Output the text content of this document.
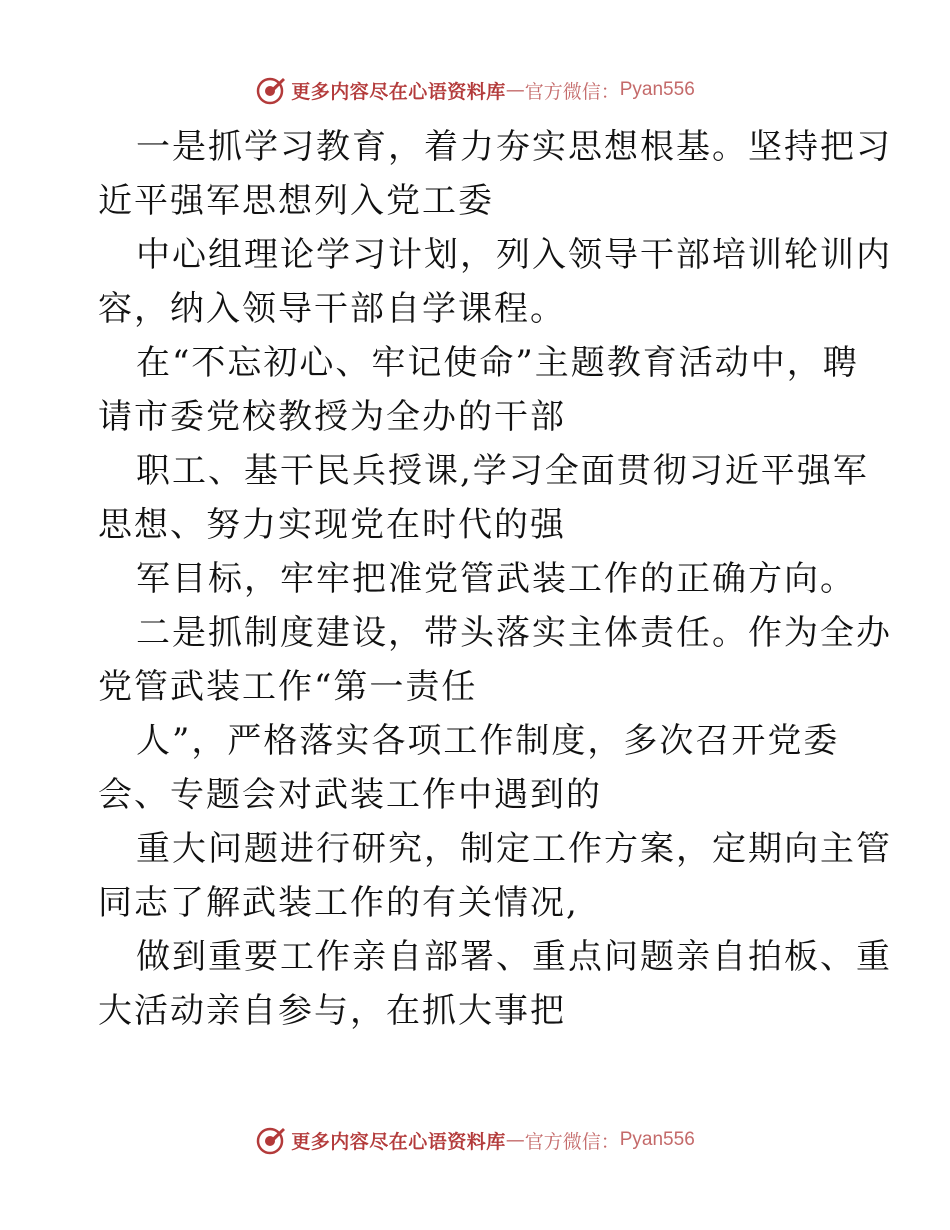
更多内容尽在心语资料库 — 官方微信： Pyan556
一是抓学习教育，着力夯实思想根基。坚持把习
近平强军思想列入党工委
中心组理论学习计划，列入领导干部培训轮训内
容，纳入领导干部自学课程。
在“不忘初心、牢记使命”主题教育活动中，聘
请市委党校教授为全办的干部
职工、基干民兵授课,学习全面贯彻习近平强军
思想、努力实现党在时代的强
军目标，牢牢把准党管武装工作的正确方向。
二是抓制度建设，带头落实主体责任。作为全办
党管武装工作“第一责任
人”，严格落实各项工作制度，多次召开党委
会、专题会对武装工作中遇到的
重大问题进行研究，制定工作方案，定期向主管
同志了解武装工作的有关情况,
做到重要工作亲自部署、重点问题亲自拍板、重
大活动亲自参与，在抓大事把
更多内容尽在心语资料库 — 官方微信： Pyan556
